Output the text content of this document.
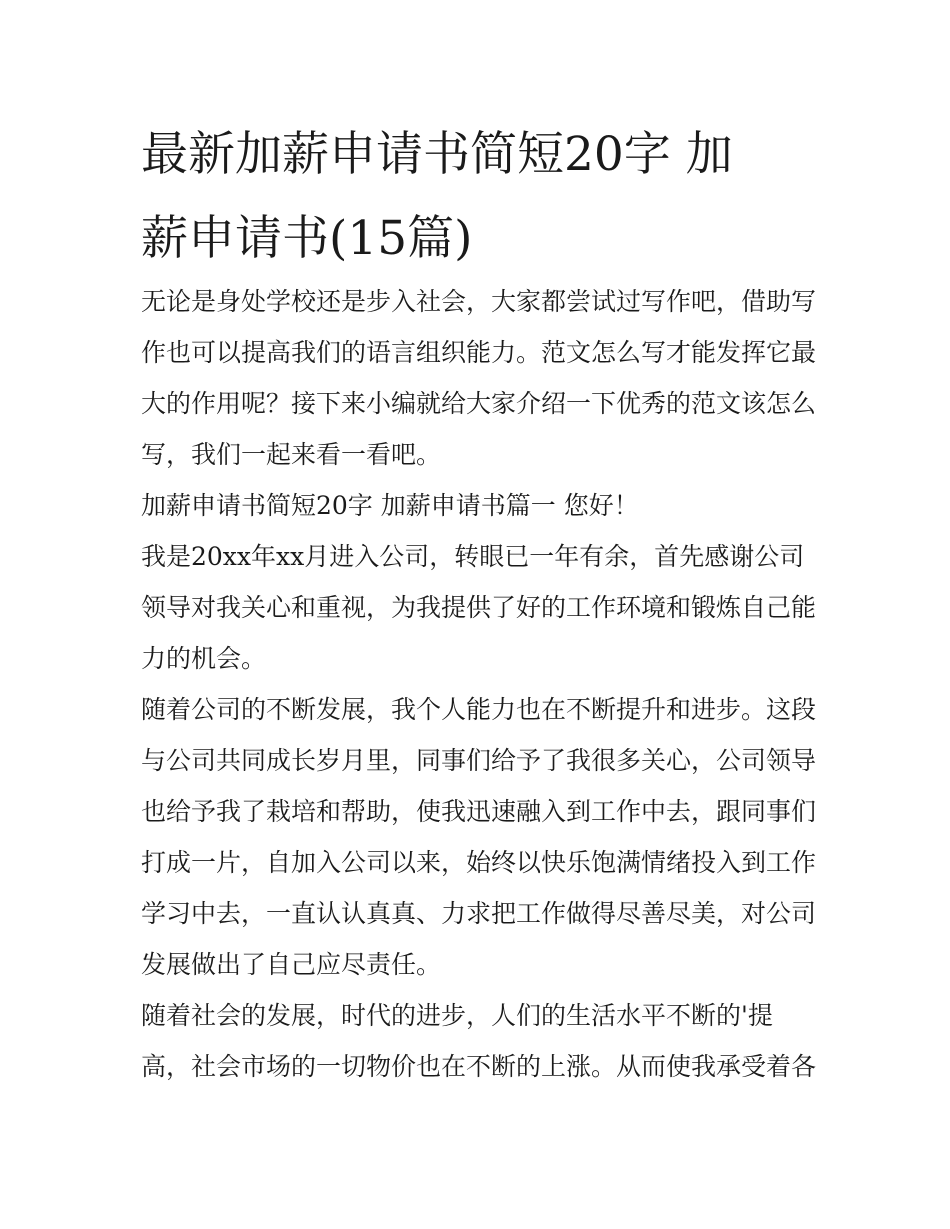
最新加薪申请书简短20字 加
薪申请书(15篇)
无论是身处学校还是步入社会，大家都尝试过写作吧，借助写
作也可以提高我们的语言组织能力。范文怎么写才能发挥它最
大的作用呢？接下来小编就给大家介绍一下优秀的范文该怎么
写，我们一起来看一看吧。
加薪申请书简短20字 加薪申请书篇一 您好！
我是20xx年xx月进入公司，转眼已一年有余，首先感谢公司
领导对我关心和重视，为我提供了好的工作环境和锻炼自己能
力的机会。
随着公司的不断发展，我个人能力也在不断提升和进步。这段
与公司共同成长岁月里，同事们给予了我很多关心，公司领导
也给予我了栽培和帮助，使我迅速融入到工作中去，跟同事们
打成一片，自加入公司以来，始终以快乐饱满情绪投入到工作
学习中去，一直认认真真、力求把工作做得尽善尽美，对公司
发展做出了自己应尽责任。
随着社会的发展，时代的进步，人们的生活水平不断的'提
高，社会市场的一切物价也在不断的上涨。从而使我承受着各
